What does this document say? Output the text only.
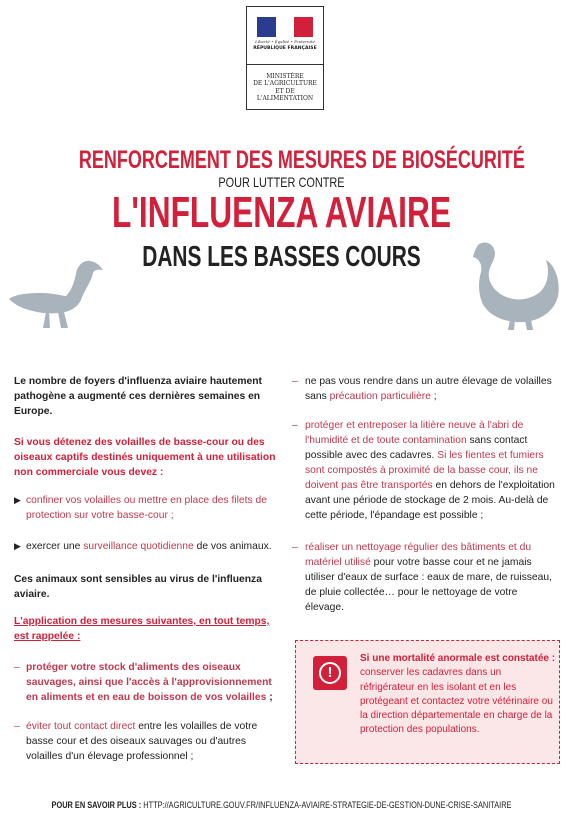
Liberté • Égalité • Fraternité
RÉPUBLIQUE FRANÇAISE
MINISTÈRE
DE L'AGRICULTURE
ET DE
L'ALIMENTATION
RENFORCEMENT DES MESURES DE BIOSÉCURITÉ
POUR LUTTER CONTRE
L'INFLUENZA AVIAIRE
DANS LES BASSES COURS
Le nombre de foyers d'influenza aviaire hautement pathogène a augmenté ces dernières semaines en Europe.
Si vous détenez des volailles de basse-cour ou des oiseaux captifs destinés uniquement à une utilisation non commerciale vous devez :
▶ confiner vos volailles ou mettre en place des filets de protection sur votre basse-cour ;
▶ exercer une surveillance quotidienne de vos animaux.
Ces animaux sont sensibles au virus de l'influenza aviaire.
L'application des mesures suivantes, en tout temps, est rappelée :
– protéger votre stock d'aliments des oiseaux sauvages, ainsi que l'accès à l'approvisionnement en aliments et en eau de boisson de vos volailles ;
– éviter tout contact direct entre les volailles de votre basse cour et des oiseaux sauvages ou d'autres volailles d'un élevage professionnel ;
– ne pas vous rendre dans un autre élevage de volailles sans précaution particulière ;
– protéger et entreposer la litière neuve à l'abri de l'humidité et de toute contamination sans contact possible avec des cadavres. Si les fientes et fumiers sont compostés à proximité de la basse cour, ils ne doivent pas être transportés en dehors de l'exploitation avant une période de stockage de 2 mois. Au-delà de cette période, l'épandage est possible ;
– réaliser un nettoyage régulier des bâtiments et du matériel utilisé pour votre basse cour et ne jamais utiliser d'eaux de surface : eaux de mare, de ruisseau, de pluie collectée… pour le nettoyage de votre élevage.
!
Si une mortalité anormale est constatée : conserver les cadavres dans un réfrigérateur en les isolant et en les protégeant et contactez votre vétérinaire ou la direction départementale en charge de la protection des populations.
POUR EN SAVOIR PLUS : HTTP://AGRICULTURE.GOUV.FR/INFLUENZA-AVIAIRE-STRATEGIE-DE-GESTION-DUNE-CRISE-SANITAIRE
